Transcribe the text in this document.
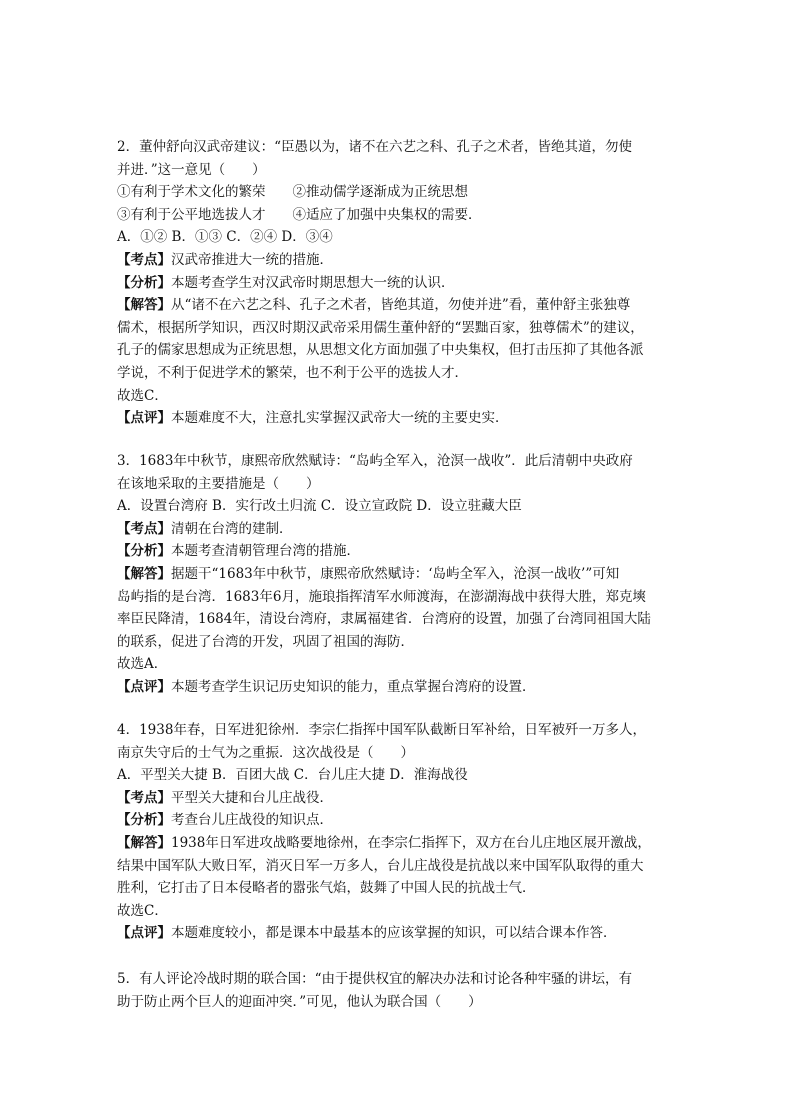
2．董仲舒向汉武帝建议：“臣愚以为，诸不在六艺之科、孔子之术者，皆绝其道，勿使

并进．”这一意见（　　）

①有利于学术文化的繁荣　　②推动儒学逐渐成为正统思想

③有利于公平地选拔人才　　④适应了加强中央集权的需要．

A．①② B．①③ C．②④ D．③④

【考点】汉武帝推进大一统的措施．

【分析】本题考查学生对汉武帝时期思想大一统的认识．

【解答】从“诸不在六艺之科、孔子之术者，皆绝其道，勿使并进”看，董仲舒主张独尊

儒术，根据所学知识，西汉时期汉武帝采用儒生董仲舒的“罢黜百家，独尊儒术”的建议，

孔子的儒家思想成为正统思想，从思想文化方面加强了中央集权，但打击压抑了其他各派

学说，不利于促进学术的繁荣，也不利于公平的选拔人才．

故选C．

【点评】本题难度不大，注意扎实掌握汉武帝大一统的主要史实．

3．1683年中秋节，康熙帝欣然赋诗：“岛屿全军入，沧溟一战收”．此后清朝中央政府

在该地采取的主要措施是（　　）

A．设置台湾府 B．实行改土归流 C．设立宣政院 D．设立驻藏大臣

【考点】清朝在台湾的建制．

【分析】本题考查清朝管理台湾的措施．

【解答】据题干“1683年中秋节，康熙帝欣然赋诗：‘岛屿全军入，沧溟一战收’”可知

岛屿指的是台湾．1683年6月，施琅指挥清军水师渡海，在澎湖海战中获得大胜，郑克塽

率臣民降清，1684年，清设台湾府，隶属福建省．台湾府的设置，加强了台湾同祖国大陆

的联系，促进了台湾的开发，巩固了祖国的海防．

故选A．

【点评】本题考查学生识记历史知识的能力，重点掌握台湾府的设置．

4．1938年春，日军进犯徐州．李宗仁指挥中国军队截断日军补给，日军被歼一万多人，

南京失守后的士气为之重振．这次战役是（　　）

A．平型关大捷 B．百团大战 C．台儿庄大捷 D．淮海战役

【考点】平型关大捷和台儿庄战役．

【分析】考查台儿庄战役的知识点．

【解答】1938年日军进攻战略要地徐州，在李宗仁指挥下，双方在台儿庄地区展开激战，

结果中国军队大败日军，消灭日军一万多人，台儿庄战役是抗战以来中国军队取得的重大

胜利，它打击了日本侵略者的嚣张气焰，鼓舞了中国人民的抗战士气．

故选C．

【点评】本题难度较小，都是课本中最基本的应该掌握的知识，可以结合课本作答．

5．有人评论冷战时期的联合国：“由于提供权宜的解决办法和讨论各种牢骚的讲坛，有

助于防止两个巨人的迎面冲突．”可见，他认为联合国（　　）
